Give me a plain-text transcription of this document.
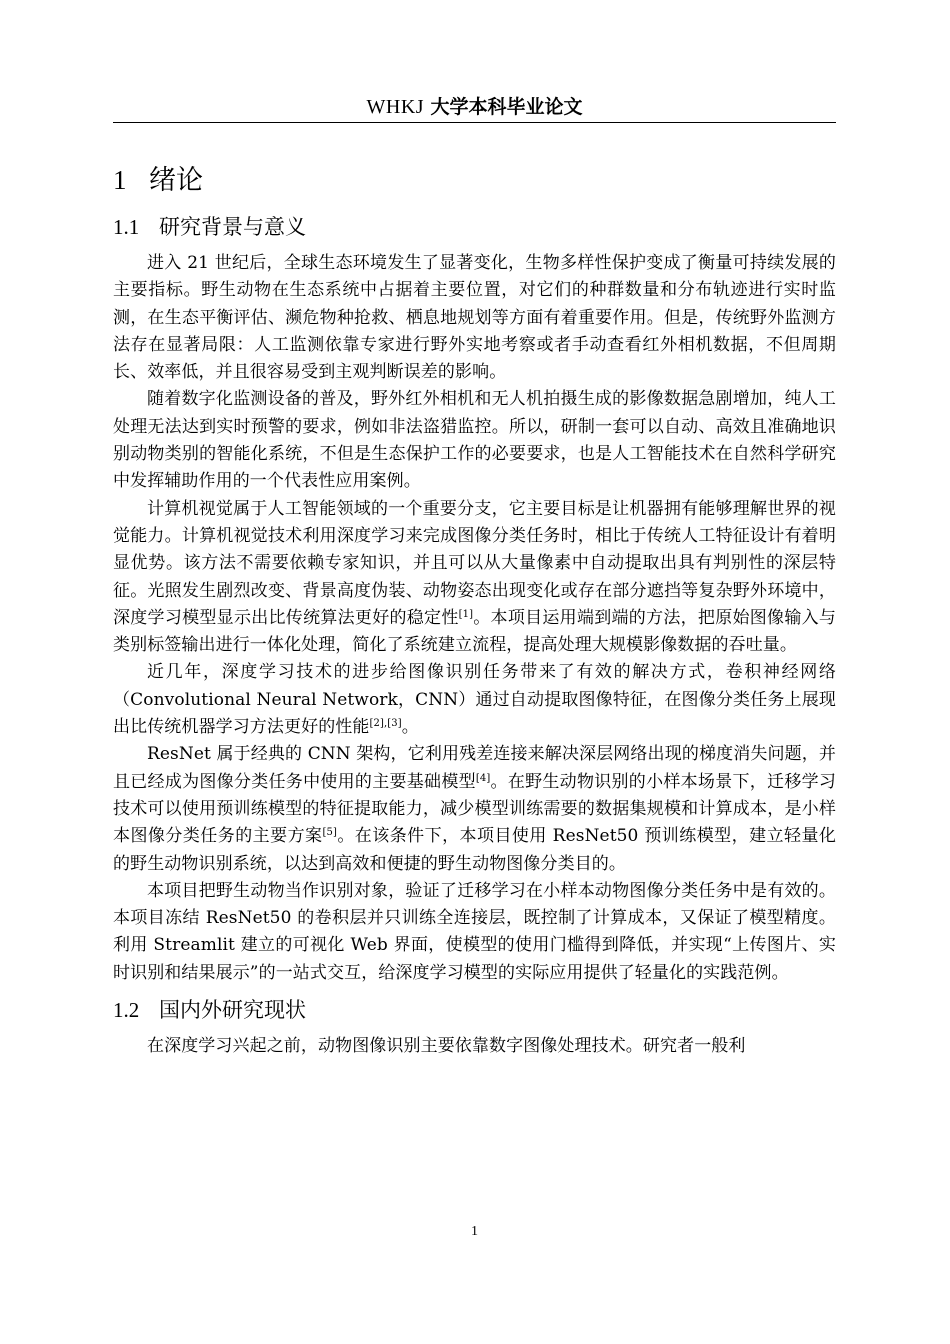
WHKJ 大学本科毕业论文
1 绪论
1.1 研究背景与意义

进入 21 世纪后，全球生态环境发生了显著变化，生物多样性保护变成了衡量可持续发展的主要指标。野生动物在生态系统中占据着主要位置，对它们的种群数量和分布轨迹进行实时监测，在生态平衡评估、濒危物种抢救、栖息地规划等方面有着重要作用。但是，传统野外监测方法存在显著局限：人工监测依靠专家进行野外实地考察或者手动查看红外相机数据，不但周期长、效率低，并且很容易受到主观判断误差的影响。

随着数字化监测设备的普及，野外红外相机和无人机拍摄生成的影像数据急剧增加，纯人工处理无法达到实时预警的要求，例如非法盗猎监控。所以，研制一套可以自动、高效且准确地识别动物类别的智能化系统，不但是生态保护工作的必要要求，也是人工智能技术在自然科学研究中发挥辅助作用的一个代表性应用案例。

计算机视觉属于人工智能领域的一个重要分支，它主要目标是让机器拥有能够理解世界的视觉能力。计算机视觉技术利用深度学习来完成图像分类任务时，相比于传统人工特征设计有着明显优势。该方法不需要依赖专家知识，并且可以从大量像素中自动提取出具有判别性的深层特征。光照发生剧烈改变、背景高度伪装、动物姿态出现变化或存在部分遮挡等复杂野外环境中，深度学习模型显示出比传统算法更好的稳定性[1]。本项目运用端到端的方法，把原始图像输入与类别标签输出进行一体化处理，简化了系统建立流程，提高处理大规模影像数据的吞吐量。

近几年，深度学习技术的进步给图像识别任务带来了有效的解决方式，卷积神经网络（Convolutional Neural Network，CNN）通过自动提取图像特征，在图像分类任务上展现出比传统机器学习方法更好的性能[2],[3]。

ResNet 属于经典的 CNN 架构，它利用残差连接来解决深层网络出现的梯度消失问题，并且已经成为图像分类任务中使用的主要基础模型[4]。在野生动物识别的小样本场景下，迁移学习技术可以使用预训练模型的特征提取能力，减少模型训练需要的数据集规模和计算成本，是小样本图像分类任务的主要方案[5]。在该条件下，本项目使用 ResNet50 预训练模型，建立轻量化的野生动物识别系统，以达到高效和便捷的野生动物图像分类目的。

本项目把野生动物当作识别对象，验证了迁移学习在小样本动物图像分类任务中是有效的。本项目冻结 ResNet50 的卷积层并只训练全连接层，既控制了计算成本，又保证了模型精度。利用 Streamlit 建立的可视化 Web 界面，使模型的使用门槛得到降低，并实现“上传图片、实时识别和结果展示”的一站式交互，给深度学习模型的实际应用提供了轻量化的实践范例。

1.2 国内外研究现状

在深度学习兴起之前，动物图像识别主要依靠数字图像处理技术。研究者一般利

1
